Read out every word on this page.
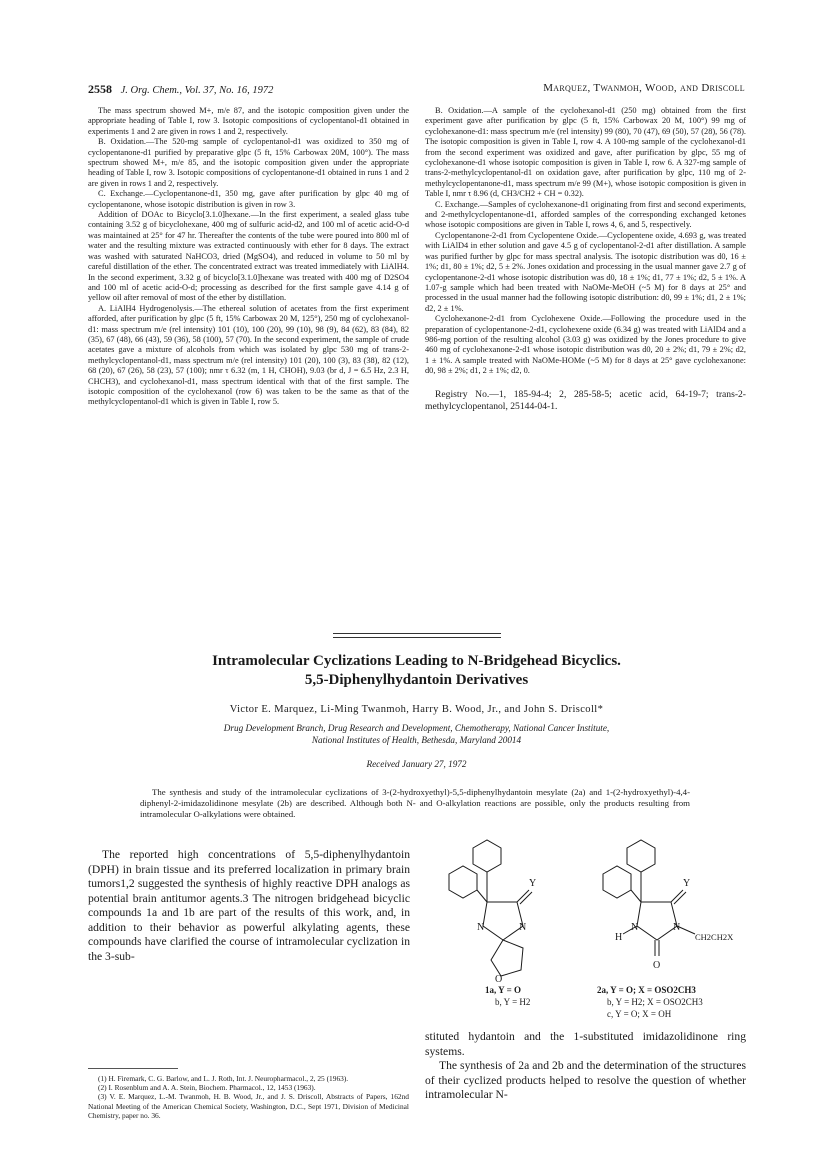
2558 J. Org. Chem., Vol. 37, No. 16, 1972	Marquez, Twanmoh, Wood, and Driscoll

The mass spectrum showed M+, m/e 87, and the isotopic composition given under the appropriate heading of Table I, row 3. Isotopic compositions of cyclopentanol-d1 obtained in experiments 1 and 2 are given in rows 1 and 2, respectively.

B. Oxidation.—The 520-mg sample of cyclopentanol-d1 was oxidized to 350 mg of cyclopentanone-d1 purified by preparative glpc (5 ft, 15% Carbowax 20M, 100°). The mass spectrum showed M+, m/e 85, and the isotopic composition given under the appropriate heading of Table I, row 3. Isotopic compositions of cyclopentanone-d1 obtained in runs 1 and 2 are given in rows 1 and 2, respectively.

C. Exchange.—Cyclopentanone-d1, 350 mg, gave after purification by glpc 40 mg of cyclopentanone, whose isotopic distribution is given in row 3.

Addition of DOAc to Bicyclo[3.1.0]hexane.—In the first experiment, a sealed glass tube containing 3.52 g of bicyclohexane, 400 mg of sulfuric acid-d2, and 100 ml of acetic acid-O-d was maintained at 25° for 47 hr. Thereafter the contents of the tube were poured into 800 ml of water and the resulting mixture was extracted continuously with ether for 8 days. The extract was washed with saturated NaHCO3, dried (MgSO4), and reduced in volume to 50 ml by careful distillation of the ether. The concentrated extract was treated immediately with LiAlH4. In the second experiment, 3.32 g of bicyclo[3.1.0]hexane was treated with 400 mg of D2SO4 and 100 ml of acetic acid-O-d; processing as described for the first sample gave 4.14 g of yellow oil after removal of most of the ether by distillation.

A. LiAlH4 Hydrogenolysis.—The ethereal solution of acetates from the first experiment afforded, after purification by glpc (5 ft, 15% Carbowax 20 M, 125°), 250 mg of cyclohexanol-d1: mass spectrum m/e (rel intensity) 101 (10), 100 (20), 99 (10), 98 (9), 84 (62), 83 (84), 82 (35), 67 (48), 66 (43), 59 (36), 58 (100), 57 (70). In the second experiment, the sample of crude acetates gave a mixture of alcohols from which was isolated by glpc 530 mg of trans-2-methylcyclopentanol-d1, mass spectrum m/e (rel intensity) 101 (20), 100 (3), 83 (38), 82 (12), 68 (20), 67 (26), 58 (23), 57 (100); nmr τ 6.32 (m, 1 H, CHOH), 9.03 (br d, J = 6.5 Hz, 2.3 H, CHCH3), and cyclohexanol-d1, mass spectrum identical with that of the first sample. The isotopic composition of the cyclohexanol (row 6) was taken to be the same as that of the methylcyclopentanol-d1 which is given in Table I, row 5.

B. Oxidation.—A sample of the cyclohexanol-d1 (250 mg) obtained from the first experiment gave after purification by glpc (5 ft, 15% Carbowax 20 M, 100°) 99 mg of cyclohexanone-d1: mass spectrum m/e (rel intensity) 99 (80), 70 (47), 69 (50), 57 (28), 56 (78). The isotopic composition is given in Table I, row 4. A 100-mg sample of the cyclohexanol-d1 from the second experiment was oxidized and gave, after purification by glpc, 55 mg of cyclohexanone-d1 whose isotopic composition is given in Table I, row 6. A 327-mg sample of trans-2-methylcyclopentanol-d1 on oxidation gave, after purification by glpc, 110 mg of 2-methylcyclopentanone-d1, mass spectrum m/e 99 (M+), whose isotopic composition is given in Table I, nmr τ 8.96 (d, CH3/CH2 + CH = 0.32).

C. Exchange.—Samples of cyclohexanone-d1 originating from first and second experiments, and 2-methylcyclopentanone-d1, afforded samples of the corresponding exchanged ketones whose isotopic compositions are given in Table I, rows 4, 6, and 5, respectively.

Cyclopentanone-2-d1 from Cyclopentene Oxide.—Cyclopentene oxide, 4.693 g, was treated with LiAlD4 in ether solution and gave 4.5 g of cyclopentanol-2-d1 after distillation. A sample was purified further by glpc for mass spectral analysis. The isotopic distribution was d0, 16 ± 1%; d1, 80 ± 1%; d2, 5 ± 2%. Jones oxidation and processing in the usual manner gave 2.7 g of cyclopentanone-2-d1 whose isotopic distribution was d0, 18 ± 1%; d1, 77 ± 1%; d2, 5 ± 1%. A 1.07-g sample which had been treated with NaOMe-MeOH (~5 M) for 8 days at 25° and processed in the usual manner had the following isotopic distribution: d0, 99 ± 1%; d1, 2 ± 1%; d2, 2 ± 1%.

Cyclohexanone-2-d1 from Cyclohexene Oxide.—Following the procedure used in the preparation of cyclopentanone-2-d1, cyclohexene oxide (6.34 g) was treated with LiAlD4 and a 986-mg portion of the resulting alcohol (3.03 g) was oxidized by the Jones procedure to give 460 mg of cyclohexanone-2-d1 whose isotopic distribution was d0, 20 ± 2%; d1, 79 ± 2%; d2, 1 ± 1%. A sample treated with NaOMe-HOMe (~5 M) for 8 days at 25° gave cyclohexanone: d0, 98 ± 2%; d1, 2 ± 1%; d2, 0.

Registry No.—1, 185-94-4; 2, 285-58-5; acetic acid, 64-19-7; trans-2-methylcyclopentanol, 25144-04-1.

Intramolecular Cyclizations Leading to N-Bridgehead Bicyclics.
5,5-Diphenylhydantoin Derivatives
Victor E. Marquez, Li-Ming Twanmoh, Harry B. Wood, Jr., and John S. Driscoll*
Drug Development Branch, Drug Research and Development, Chemotherapy, National Cancer Institute,
National Institutes of Health, Bethesda, Maryland 20014
Received January 27, 1972

The synthesis and study of the intramolecular cyclizations of 3-(2-hydroxyethyl)-5,5-diphenylhydantoin mesylate (2a) and 1-(2-hydroxyethyl)-4,4-diphenyl-2-imidazolidinone mesylate (2b) are described. Although both N- and O-alkylation reactions are possible, only the products resulting from intramolecular O-alkylations were obtained.

The reported high concentrations of 5,5-diphenylhydantoin (DPH) in brain tissue and its preferred localization in primary brain tumors1,2 suggested the synthesis of highly reactive DPH analogs as potential brain antitumor agents.3 The nitrogen bridgehead bicyclic compounds 1a and 1b are part of the results of this work, and, in addition to their behavior as powerful alkylating agents, these compounds have clarified the course of intramolecular cyclization in the 3-sub-

(1) H. Firemark, C. G. Barlow, and L. J. Roth, Int. J. Neuropharmacol., 2, 25 (1963).

(2) I. Rosenblum and A. A. Stein, Biochem. Pharmacol., 12, 1453 (1963).

(3) V. E. Marquez, L.-M. Twanmoh, H. B. Wood, Jr., and J. S. Driscoll, Abstracts of Papers, 162nd National Meeting of the American Chemical Society, Washington, D.C., Sept 1971, Division of Medicinal Chemistry, paper no. 36.

Y
N	N
O
Y
N	N
H
O
CH2CH2X
1a, Y = O
b, Y = H2
2a, Y = O; X = OSO2CH3
b, Y = H2; X = OSO2CH3
c, Y = O; X = OH

stituted hydantoin and the 1-substituted imidazolidinone ring systems.

The synthesis of 2a and 2b and the determination of the structures of their cyclized products helped to resolve the question of whether intramolecular N-
